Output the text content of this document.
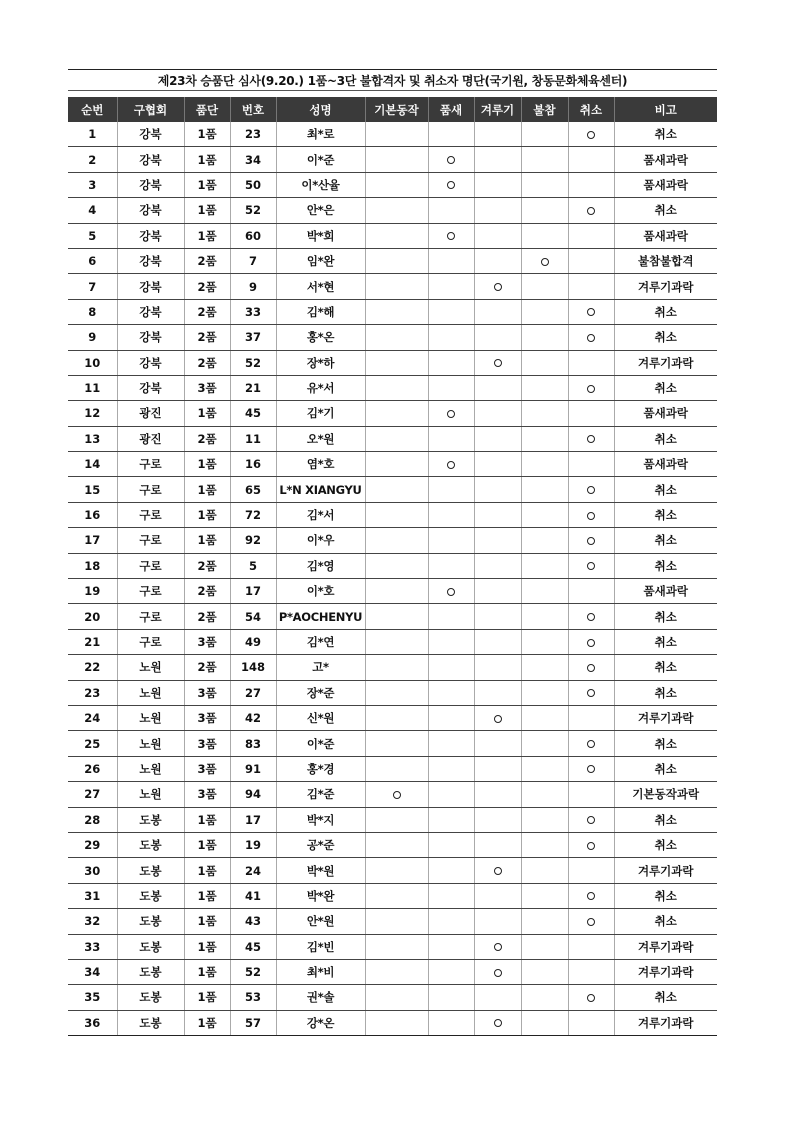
제23차 승품단 심사(9.20.) 1품~3단 불합격자 및 취소자 명단(국기원, 창동문화체육센터)
순번	구협회	품단	번호	성명	기본동작	품새	겨루기	불참	취소	비고
1	강북	1품	23	최*로						취소
2	강북	1품	34	이*준						품새과락
3	강북	1품	50	이*산율						품새과락
4	강북	1품	52	안*은						취소
5	강북	1품	60	박*희						품새과락
6	강북	2품	7	임*완						불참불합격
7	강북	2품	9	서*현						겨루기과락
8	강북	2품	33	김*해						취소
9	강북	2품	37	홍*온						취소
10	강북	2품	52	장*하						겨루기과락
11	강북	3품	21	유*서						취소
12	광진	1품	45	김*기						품새과락
13	광진	2품	11	오*원						취소
14	구로	1품	16	염*호						품새과락
15	구로	1품	65	L*N XIANGYU						취소
16	구로	1품	72	김*서						취소
17	구로	1품	92	이*우						취소
18	구로	2품	5	김*영						취소
19	구로	2품	17	이*호						품새과락
20	구로	2품	54	P*AOCHENYU						취소
21	구로	3품	49	김*연						취소
22	노원	2품	148	고*						취소
23	노원	3품	27	장*준						취소
24	노원	3품	42	신*원						겨루기과락
25	노원	3품	83	이*준						취소
26	노원	3품	91	홍*경						취소
27	노원	3품	94	김*준						기본동작과락
28	도봉	1품	17	박*지						취소
29	도봉	1품	19	공*준						취소
30	도봉	1품	24	박*원						겨루기과락
31	도봉	1품	41	박*완						취소
32	도봉	1품	43	안*원						취소
33	도봉	1품	45	김*빈						겨루기과락
34	도봉	1품	52	최*비						겨루기과락
35	도봉	1품	53	권*솔						취소
36	도봉	1품	57	강*온						겨루기과락
